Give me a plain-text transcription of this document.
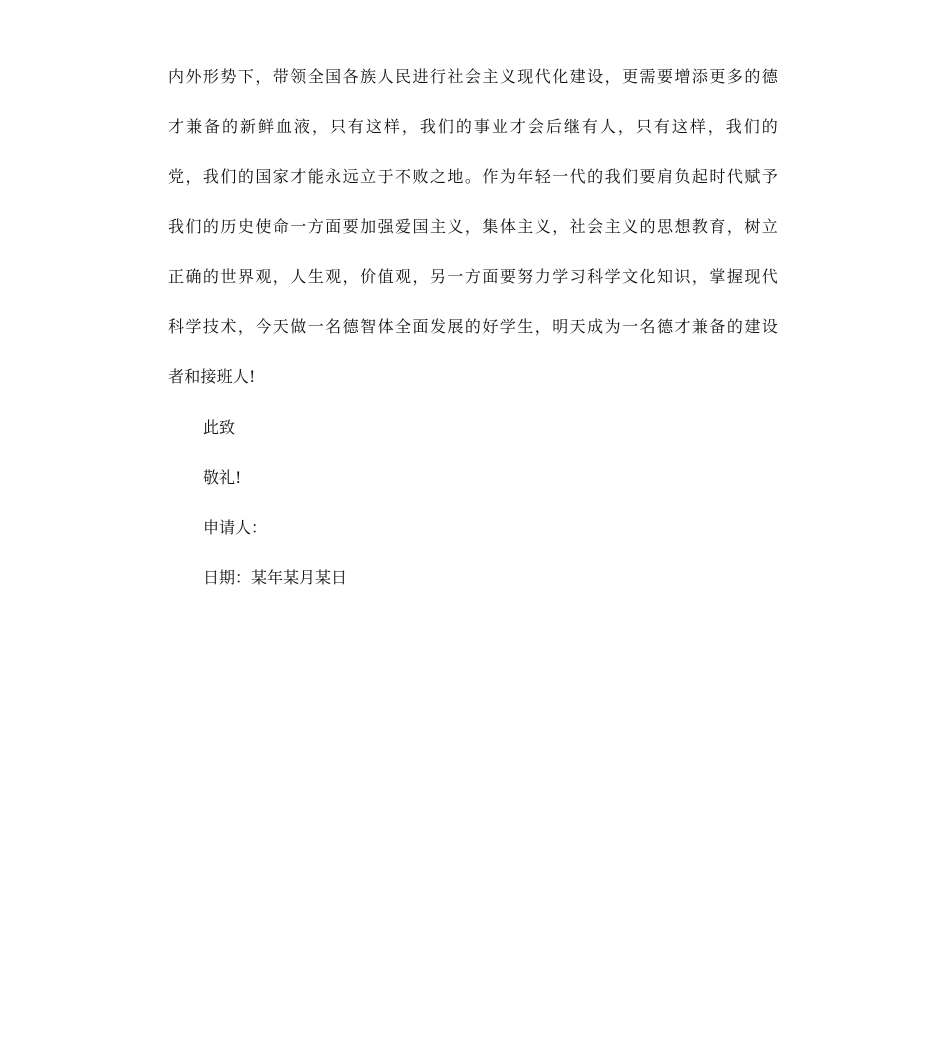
内外形势下，带领全国各族人民进行社会主义现代化建设，更需要增添更多的德
才兼备的新鲜血液，只有这样，我们的事业才会后继有人，只有这样，我们的
党，我们的国家才能永远立于不败之地。作为年轻一代的我们要肩负起时代赋予
我们的历史使命一方面要加强爱国主义，集体主义，社会主义的思想教育，树立
正确的世界观，人生观，价值观，另一方面要努力学习科学文化知识，掌握现代
科学技术，今天做一名德智体全面发展的好学生，明天成为一名德才兼备的建设
者和接班人!
此致
敬礼!
申请人：
日期：某年某月某日
